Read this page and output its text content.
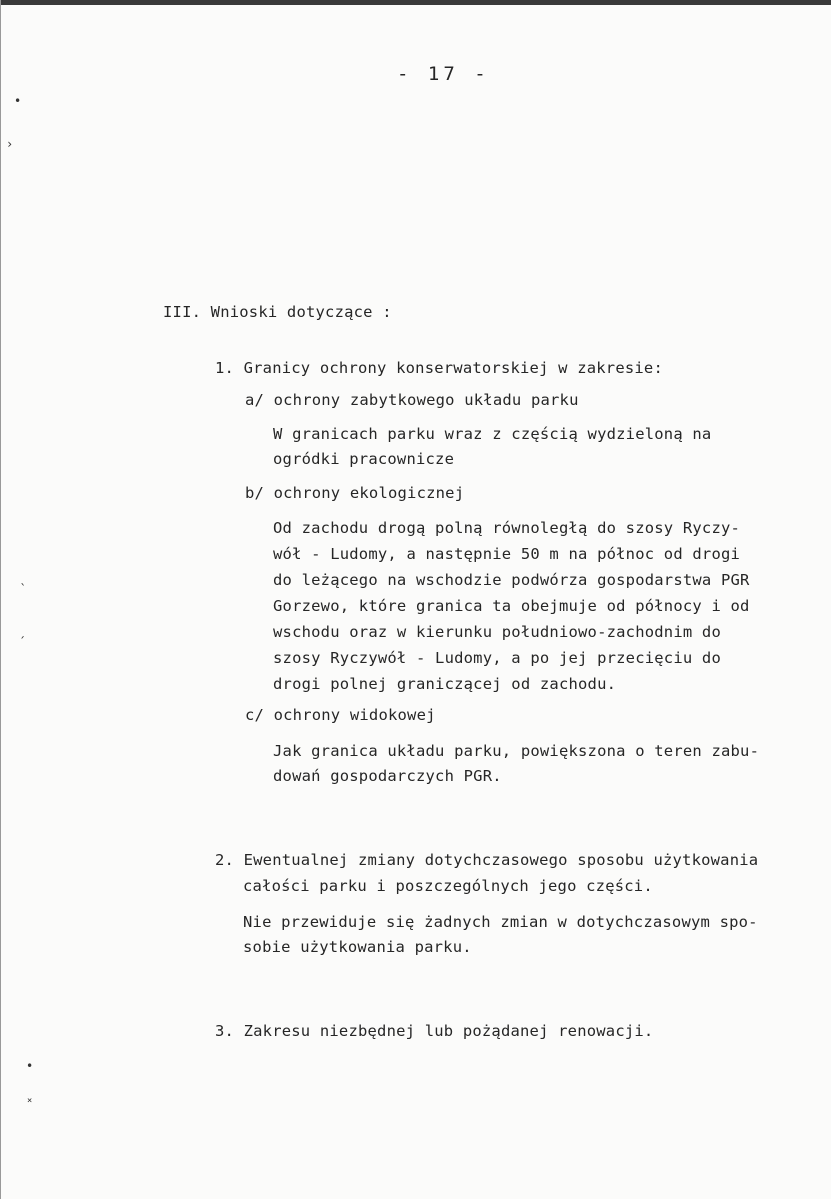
•
›
ˎ
ˏ
•
˟
- 17 -
III. Wnioski dotyczące :
1. Granicy ochrony konserwatorskiej w zakresie:
a/ ochrony zabytkowego układu parku
W granicach parku wraz z częścią wydzieloną na
ogródki pracownicze
b/ ochrony ekologicznej
Od zachodu drogą polną równoległą do szosy Ryczy-
wół - Ludomy, a następnie 50 m na północ od drogi
do leżącego na wschodzie podwórza gospodarstwa PGR
Gorzewo, które granica ta obejmuje od północy i od
wschodu oraz w kierunku południowo-zachodnim do
szosy Ryczywół - Ludomy, a po jej przecięciu do
drogi polnej graniczącej od zachodu.
c/ ochrony widokowej
Jak granica układu parku, powiększona o teren zabu-
dowań gospodarczych PGR.
2. Ewentualnej zmiany dotychczasowego sposobu użytkowania
całości parku i poszczególnych jego części.
Nie przewiduje się żadnych zmian w dotychczasowym spo-
sobie użytkowania parku.
3. Zakresu niezbędnej lub pożądanej renowacji.
